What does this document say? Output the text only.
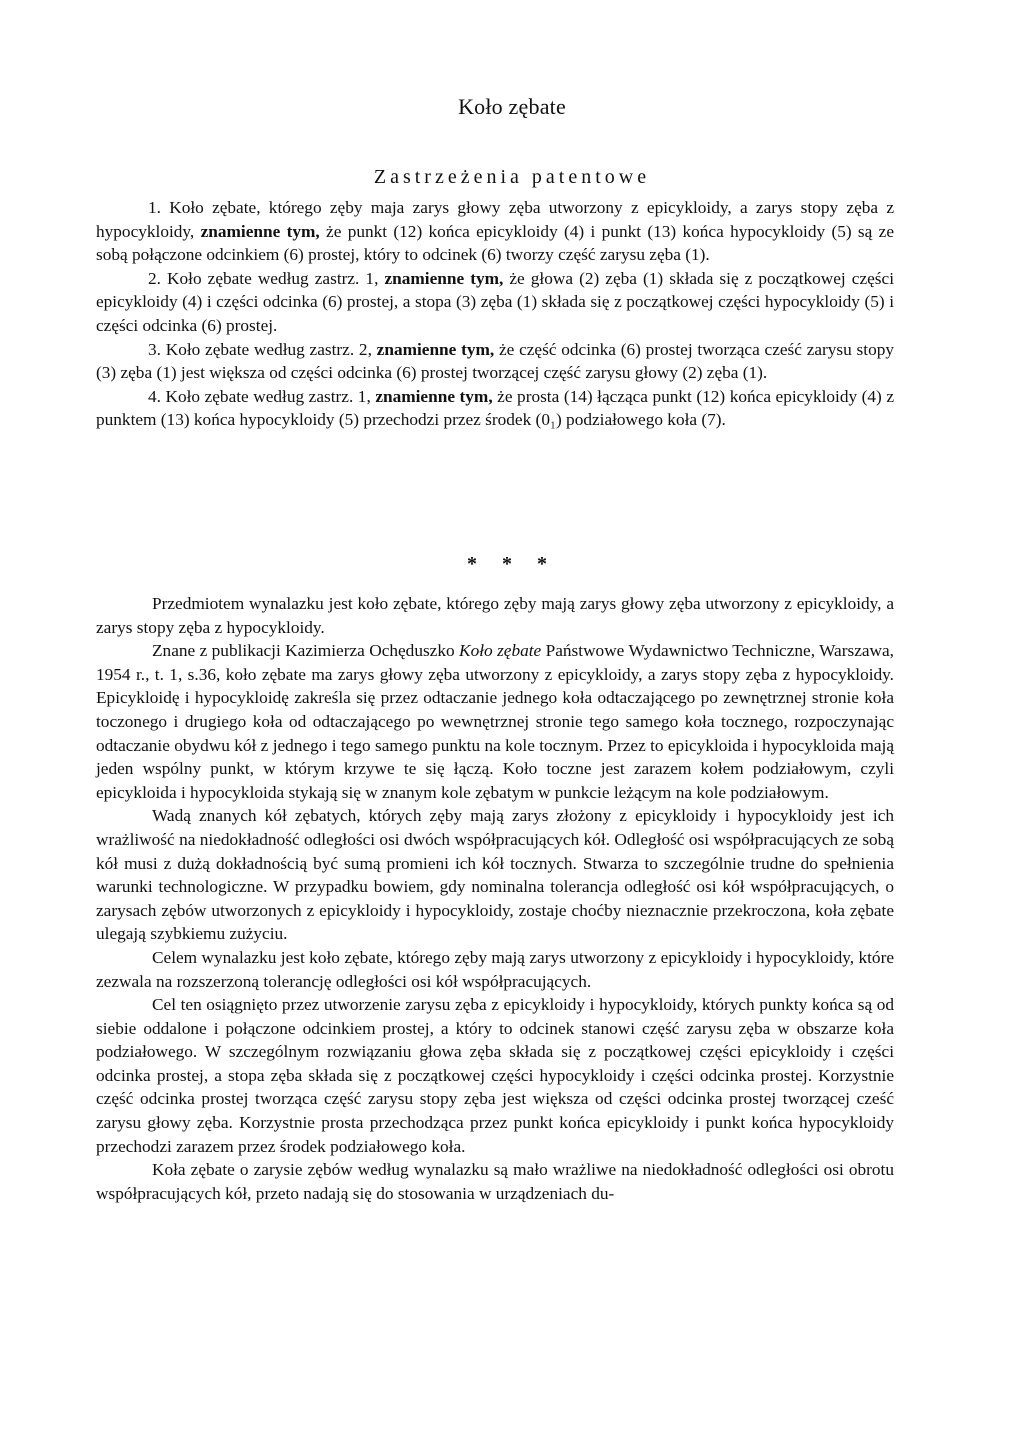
Koło zębate
Zastrzeżenia patentowe

1. Koło zębate, którego zęby maja zarys głowy zęba utworzony z epicykloidy, a zarys stopy zęba z hypocykloidy, znamienne tym, że punkt (12) końca epicykloidy (4) i punkt (13) końca hypocykloidy (5) są ze sobą połączone odcinkiem (6) prostej, który to odcinek (6) tworzy część zarysu zęba (1).

2. Koło zębate według zastrz. 1, znamienne tym, że głowa (2) zęba (1) składa się z początkowej części epicykloidy (4) i części odcinka (6) prostej, a stopa (3) zęba (1) składa się z początkowej części hypocykloidy (5) i części odcinka (6) prostej.

3. Koło zębate według zastrz. 2, znamienne tym, że część odcinka (6) prostej tworząca cześć zarysu stopy (3) zęba (1) jest większa od części odcinka (6) prostej tworzącej część zarysu głowy (2) zęba (1).

4. Koło zębate według zastrz. 1, znamienne tym, że prosta (14) łącząca punkt (12) końca epicykloidy (4) z punktem (13) końca hypocykloidy (5) przechodzi przez środek (0₁) podziałowego koła (7).

* * *

Przedmiotem wynalazku jest koło zębate, którego zęby mają zarys głowy zęba utworzony z epicykloidy, a zarys stopy zęba z hypocykloidy.

Znane z publikacji Kazimierza Ochęduszko Koło zębate Państwowe Wydawnictwo Techniczne, Warszawa, 1954 r., t. 1, s.36, koło zębate ma zarys głowy zęba utworzony z epicykloidy, a zarys stopy zęba z hypocykloidy. Epicykloidę i hypocykloidę zakreśla się przez odtaczanie jednego koła odtaczającego po zewnętrznej stronie koła toczonego i drugiego koła od odtaczającego po wewnętrznej stronie tego samego koła tocznego, rozpoczynając odtaczanie obydwu kół z jednego i tego samego punktu na kole tocznym. Przez to epicykloida i hypocykloida mają jeden wspólny punkt, w którym krzywe te się łączą. Koło toczne jest zarazem kołem podziałowym, czyli epicykloida i hypocykloida stykają się w znanym kole zębatym w punkcie leżącym na kole podziałowym.

Wadą znanych kół zębatych, których zęby mają zarys złożony z epicykloidy i hypocykloidy jest ich wrażliwość na niedokładność odległości osi dwóch współpracujących kół. Odległość osi współpracujących ze sobą kół musi z dużą dokładnością być sumą promieni ich kół tocznych. Stwarza to szczególnie trudne do spełnienia warunki technologiczne. W przypadku bowiem, gdy nominalna tolerancja odległość osi kół współpracujących, o zarysach zębów utworzonych z epicykloidy i hypocykloidy, zostaje choćby nieznacznie przekroczona, koła zębate ulegają szybkiemu zużyciu.

Celem wynalazku jest koło zębate, którego zęby mają zarys utworzony z epicykloidy i hypocykloidy, które zezwala na rozszerzoną tolerancję odległości osi kół współpracujących.

Cel ten osiągnięto przez utworzenie zarysu zęba z epicykloidy i hypocykloidy, których punkty końca są od siebie oddalone i połączone odcinkiem prostej, a który to odcinek stanowi część zarysu zęba w obszarze koła podziałowego. W szczególnym rozwiązaniu głowa zęba składa się z początkowej części epicykloidy i części odcinka prostej, a stopa zęba składa się z początkowej części hypocykloidy i części odcinka prostej. Korzystnie część odcinka prostej tworząca część zarysu stopy zęba jest większa od części odcinka prostej tworzącej cześć zarysu głowy zęba. Korzystnie prosta przechodząca przez punkt końca epicykloidy i punkt końca hypocykloidy przechodzi zarazem przez środek podziałowego koła.

Koła zębate o zarysie zębów według wynalazku są mało wrażliwe na niedokładność odległości osi obrotu współpracujących kół, przeto nadają się do stosowania w urządzeniach du-
